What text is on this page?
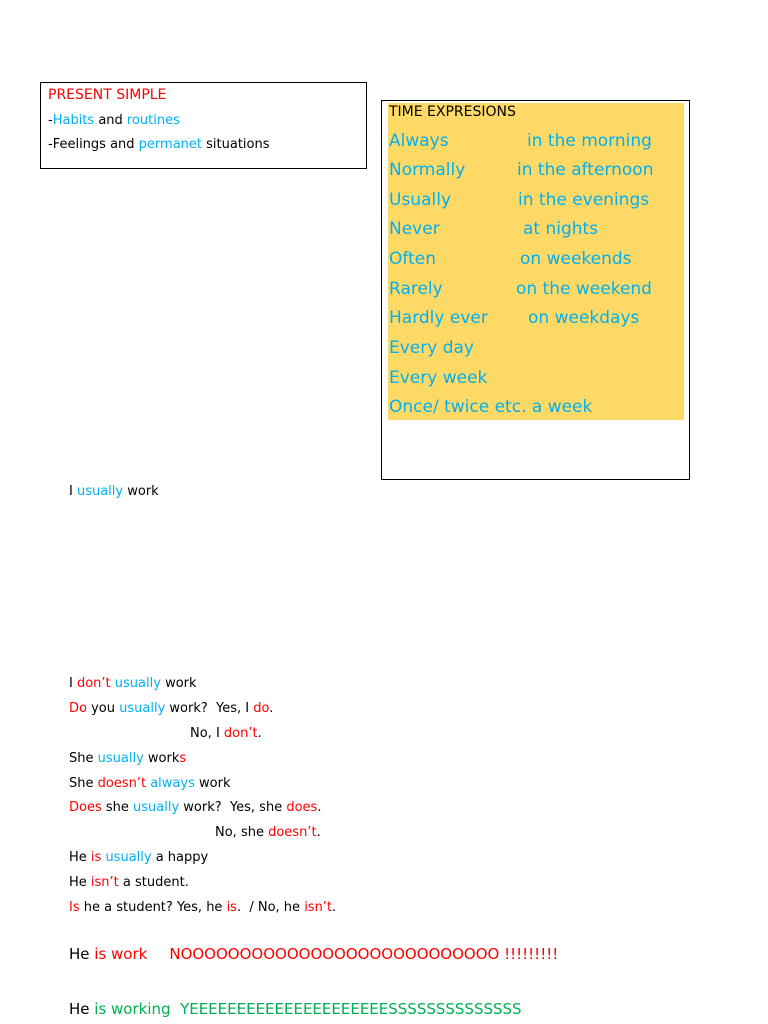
PRESENT SIMPLE
-Habits and routines
-Feelings and permanet situations
TIME EXPRESIONS
Always
Normally
Usually
Never
Often
Rarely
Hardly ever
Every day
Every week
Once/ twice etc. a week
in the morning
in the afternoon
in the evenings
at nights
on weekends
on the weekend
on weekdays
I usually work
I don’t usually work
Do you usually work?  Yes, I do.
No, I don’t.
She usually works
She doesn’t always work
Does she usually work?  Yes, she does.
No, she doesn’t.
He is usually a happy
He isn’t a student.
Is he a student? Yes, he is.  / No, he isn’t.
He is work NOOOOOOOOOOOOOOOOOOOOOOOOOOO !!!!!!!!!
He is working  YEEEEEEEEEEEEEEEEEEEEESSSSSSSSSSSSSS
